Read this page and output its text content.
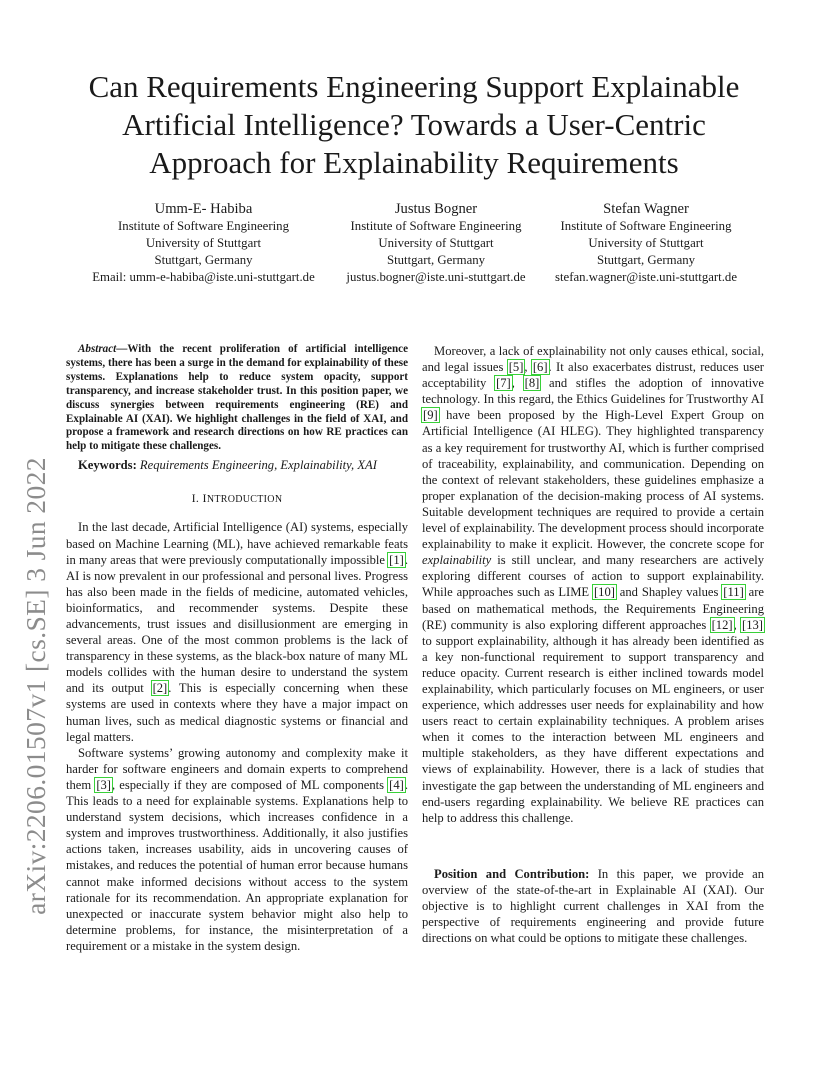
arXiv:2206.01507v1 [cs.SE] 3 Jun 2022
Can Requirements Engineering Support Explainable
Artificial Intelligence? Towards a User-Centric
Approach for Explainability Requirements
Umm-E- Habiba
Institute of Software Engineering
University of Stuttgart
Stuttgart, Germany
Email: umm-e-habiba@iste.uni-stuttgart.de
Justus Bogner
Institute of Software Engineering
University of Stuttgart
Stuttgart, Germany
justus.bogner@iste.uni-stuttgart.de
Stefan Wagner
Institute of Software Engineering
University of Stuttgart
Stuttgart, Germany
stefan.wagner@iste.uni-stuttgart.de

Abstract—With the recent proliferation of artificial intelligence systems, there has been a surge in the demand for explainability of these systems. Explanations help to reduce system opacity, support transparency, and increase stakeholder trust. In this position paper, we discuss synergies between requirements engineering (RE) and Explainable AI (XAI). We highlight challenges in the field of XAI, and propose a framework and research directions on how RE practices can help to mitigate these challenges.

Keywords: Requirements Engineering, Explainability, XAI

I. INTRODUCTION

In the last decade, Artificial Intelligence (AI) systems, especially based on Machine Learning (ML), have achieved remarkable feats in many areas that were previously computationally impossible [1]. AI is now prevalent in our professional and personal lives. Progress has also been made in the fields of medicine, automated vehicles, bioinformatics, and recommender systems. Despite these advancements, trust issues and disillusionment are emerging in several areas. One of the most common problems is the lack of transparency in these systems, as the black-box nature of many ML models collides with the human desire to understand the system and its output [2]. This is especially concerning when these systems are used in contexts where they have a major impact on human lives, such as medical diagnostic systems or financial and legal matters.

Software systems’ growing autonomy and complexity make it harder for software engineers and domain experts to comprehend them [3], especially if they are composed of ML components [4]. This leads to a need for explainable systems. Explanations help to understand system decisions, which increases confidence in a system and improves trustworthiness. Additionally, it also justifies actions taken, increases usability, aids in uncovering causes of mistakes, and reduces the potential of human error because humans cannot make informed decisions without access to the system rationale for its recommendation. An appropriate explanation for unexpected or inaccurate system behavior might also help to determine problems, for instance, the misinterpretation of a requirement or a mistake in the system design.

Moreover, a lack of explainability not only causes ethical, social, and legal issues [5], [6]. It also exacerbates distrust, reduces user acceptability [7], [8] and stifles the adoption of innovative technology. In this regard, the Ethics Guidelines for Trustworthy AI [9] have been proposed by the High-Level Expert Group on Artificial Intelligence (AI HLEG). They highlighted transparency as a key requirement for trustworthy AI, which is further comprised of traceability, explainability, and communication. Depending on the context of relevant stakeholders, these guidelines emphasize a proper explanation of the decision-making process of AI systems. Suitable development techniques are required to provide a certain level of explainability. The development process should incorporate explainability to make it explicit. However, the concrete scope for explainability is still unclear, and many researchers are actively exploring different courses of action to support explainability. While approaches such as LIME [10] and Shapley values [11] are based on mathematical methods, the Requirements Engineering (RE) community is also exploring different approaches [12], [13] to support explainability, although it has already been identified as a key non-functional requirement to support transparency and reduce opacity. Current research is either inclined towards model explainability, which particularly focuses on ML engineers, or user experience, which addresses user needs for explainability and how users react to certain explainability techniques. A problem arises when it comes to the interaction between ML engineers and multiple stakeholders, as they have different expectations and views of explainability. However, there is a lack of studies that investigate the gap between the understanding of ML engineers and end-users regarding explainability. We believe RE practices can help to address this challenge.

Position and Contribution: In this paper, we provide an overview of the state-of-the-art in Explainable AI (XAI). Our objective is to highlight current challenges in XAI from the perspective of requirements engineering and provide future directions on what could be options to mitigate these challenges.
